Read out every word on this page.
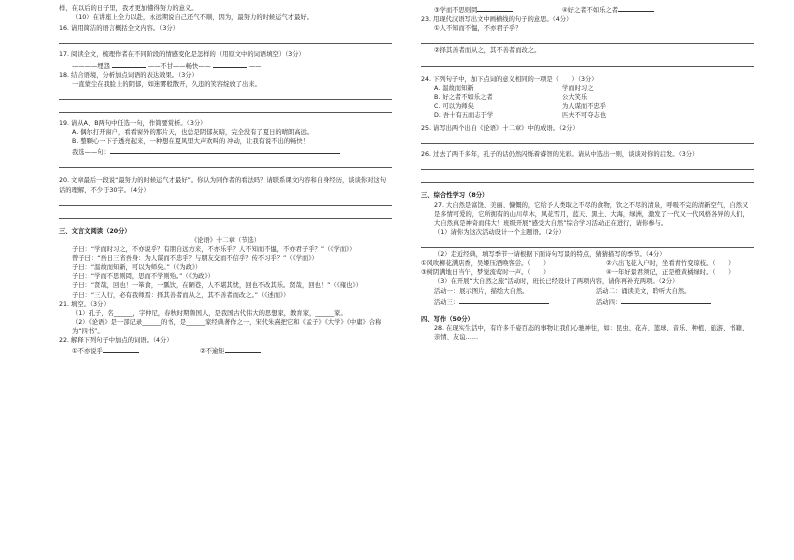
样，在以后的日子里，我才更加懂得努力的意义。
（10）在讲座上全力以赴，永远期说自己还气不顺，因为，最努力的时候运气才最好。
16. 请用简洁的语言概括全文内容。（3分）
17. 阅读全文，梳理作者在不同阶段的情感变化是怎样的（用原文中的词语填空）（3分）
————埋怨	——不甘——畅快——	——
18. 结合语境，分析加点词语的表达效果。（3分）
一直蒙尘在我脸上的阴郁，如迷雾般散开，久违的笑容绽放了出来。
19. 请从A、B两句中任选一句，作简要赏析。（3分）
A. 偶尔打开窗户，看看窗外的那片天，也总是阴郁灰暗，完全没有了夏日的晴朗高远。
B. 整颗心一下子透亮起来，一种想在夏风里大声欢叫的 冲动，让我有说不出的畅快！
我选——句：
20. 文章最后一段说“最努力的时候运气才最好”。你认为同作者的看法吗？请联系课文内容和自身经历，谈谈你对这句话的理解，不少于30字。（4分）
三、文言文阅读（20分）
《论语》十二章（节选）
子曰：“学而时习之，不亦说乎？有朋自远方来，不亦乐乎？人不知而不愠，不亦君子乎？”（《学而》）
曾子曰：“吾日三省吾身：为人谋而不忠乎？与朋友交而不信乎？传不习乎？”（《学而》）
子曰：“温故而知新，可以为师矣。”（《为政》）
子曰：“学而不思则罔，思而不学则殆。”（《为政》）
子曰：“贤哉，回也！一箪食，一瓢饮，在陋巷，人不堪其忧，回也不改其乐。贤哉，回也！”（《雍也》）
子曰：“三人行，必有我师焉：择其善者而从之，其不善者而改之。”（《述而》）
21. 填空。（3分）
（1）孔子，名______，字仲尼，春秋时期鲁国人，是我国古代伟大的思想家，教育家，______家。
（2）《论语》是一部记录______的书，是______家经典著作之一，宋代朱熹把它和《孟子》《大学》《中庸》合称为“四书”。
22. 解释下列句子中加点的词语。（4分）
①不亦说乎	②不逾矩
③学而不思则罔	④好之者不如乐之者
23. 用现代汉语写出文中画横线的句子的意思。（4分）
①人不知而不愠，不亦君子乎？
②择其善者而从之，其不善者而改之。
24. 下列句子中，加下点词的意义相同的一项是（　　）（3分）
A. 温故而知新	学而时习之
B. 好之者不如乐之者	公大笑乐
C. 可以为师矣	为人谋而不忠乎
D. 吾十有五而志于学	匹夫不可夺志也
25. 请写出两个出自《论语》十二章》中的成语。（2分）
26. 过去了两千多年，孔子的话仍然闪烁着睿智的光彩。请从中选出一则，谈谈对你的启发。（3分）
三、综合性学习（8分）
27. 大自然是富饶、美丽、慷慨的，它给予人类取之不尽的食物，饮之不尽的清泉，呼吸不完的清新空气，自然又是多情可爱的，它所拥有的山川草木，风花雪月，蓝天、黑土、大海，绿洲，激发了一代又一代风格各异的人们，大自然真是神奇而伟大！班级开展“感受大自然”综合学习活动正在进行，请你参与。
（1）请你为这次活动设计一个主题语。（2分）
（2）走近经典，填写季节一请根据下面诗句写景的特点，猜猜描写的季节。（4分）
①风吹柳花满店香，吴姬压酒唤客尝。（　　）	②六出飞花入户时，坐看青竹变琼枝。（　　）
③树阴满地日当午，梦觉流莺时一声。（　　）	④一年好景君须记，正是橙黄橘绿时。（　　）
（3）在开展“大自然之旅”活动时，班长已经设计了两项内容，请你再补充两项。（2分）
活动一：展示图片，描绘大自然。	活动二：诵读美文，聆听大自然。
活动三：	活动四：
四、写作（50分）
28. 在现实生活中，有许多千姿百态的事物让我们心驰神往，如：昆虫、花卉、篮球、音乐、种植、旅游、书籍、亲情、友谊……
